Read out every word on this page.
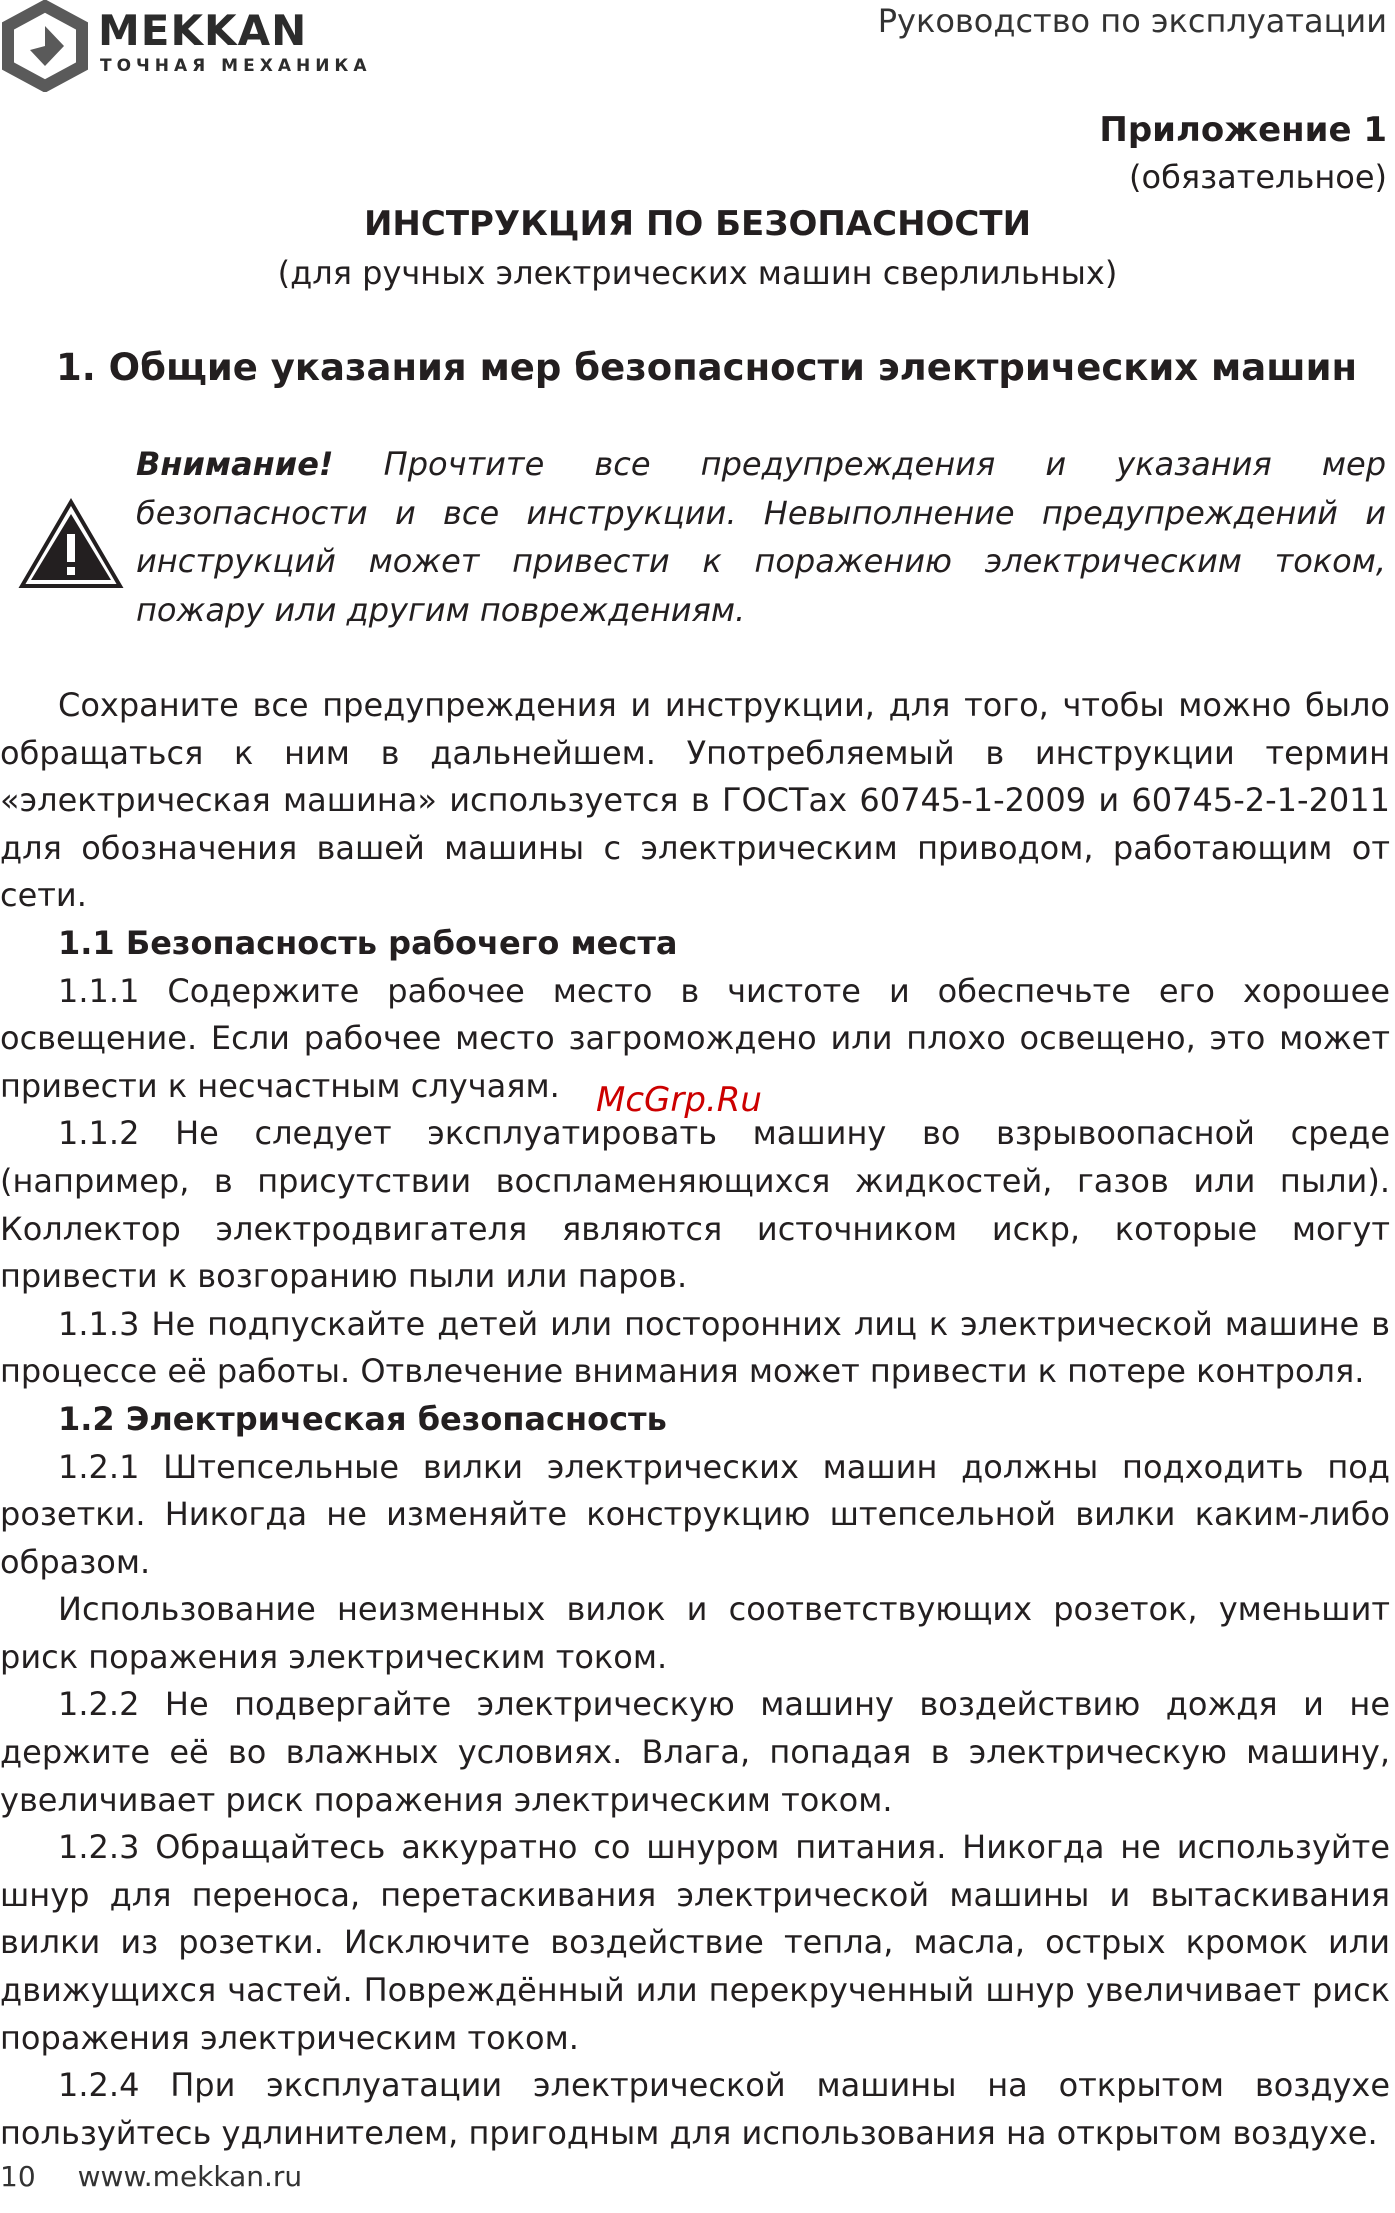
MEKKAN
ТОЧНАЯ МЕХАНИКА
Руководство по эксплуатации
Приложение 1
(обязательное)
ИНСТРУКЦИЯ ПО БЕЗОПАСНОСТИ
(для ручных электрических машин сверлильных)
1. Общие указания мер безопасности электрических машин
Внимание! Прочтите все предупреждения и указания мер безопасности и все инструкции. Невыполнение предупреждений и инструкций может привести к поражению электрическим током, пожару или другим повреждениям.

Сохраните все предупреждения и инструкции, для того, чтобы можно было обращаться к ним в дальнейшем. Употребляемый в инструкции термин «электрическая машина» используется в ГОСТах 60745-1-2009 и 60745-2-1-2011 для обозначения вашей машины с электрическим приводом, работающим от сети.

1.1 Безопасность рабочего места

1.1.1 Содержите рабочее место в чистоте и обеспечьте его хорошее освещение. Если рабочее место загромождено или плохо освещено, это может привести к несчастным случаям.

1.1.2 Не следует эксплуатировать машину во взрывоопасной среде (например, в присутствии воспламеняющихся жидкостей, газов или пыли). Коллектор электродвигателя являются источником искр, которые могут привести к возгоранию пыли или паров.

1.1.3 Не подпускайте детей или посторонних лиц к электрической машине в процессе её работы. Отвлечение внимания может привести к потере контроля.

1.2 Электрическая безопасность

1.2.1 Штепсельные вилки электрических машин должны подходить под розетки. Никогда не изменяйте конструкцию штепсельной вилки каким-либо образом.

Использование неизменных вилок и соответствующих розеток, уменьшит риск поражения электрическим током.

1.2.2 Не подвергайте электрическую машину воздействию дождя и не держите её во влажных условиях. Влага, попадая в электрическую машину, увеличивает риск поражения электрическим током.

1.2.3 Обращайтесь аккуратно со шнуром питания. Никогда не используйте шнур для переноса, перетаскивания электрической машины и вытаскивания вилки из розетки. Исключите воздействие тепла, масла, острых кромок или движущихся частей. Повреждённый или перекрученный шнур увеличивает риск поражения электрическим током.

1.2.4 При эксплуатации электрической машины на открытом воздухе пользуйтесь удлинителем, пригодным для использования на открытом воздухе.

McGrp.Ru
10 www.mekkan.ru
